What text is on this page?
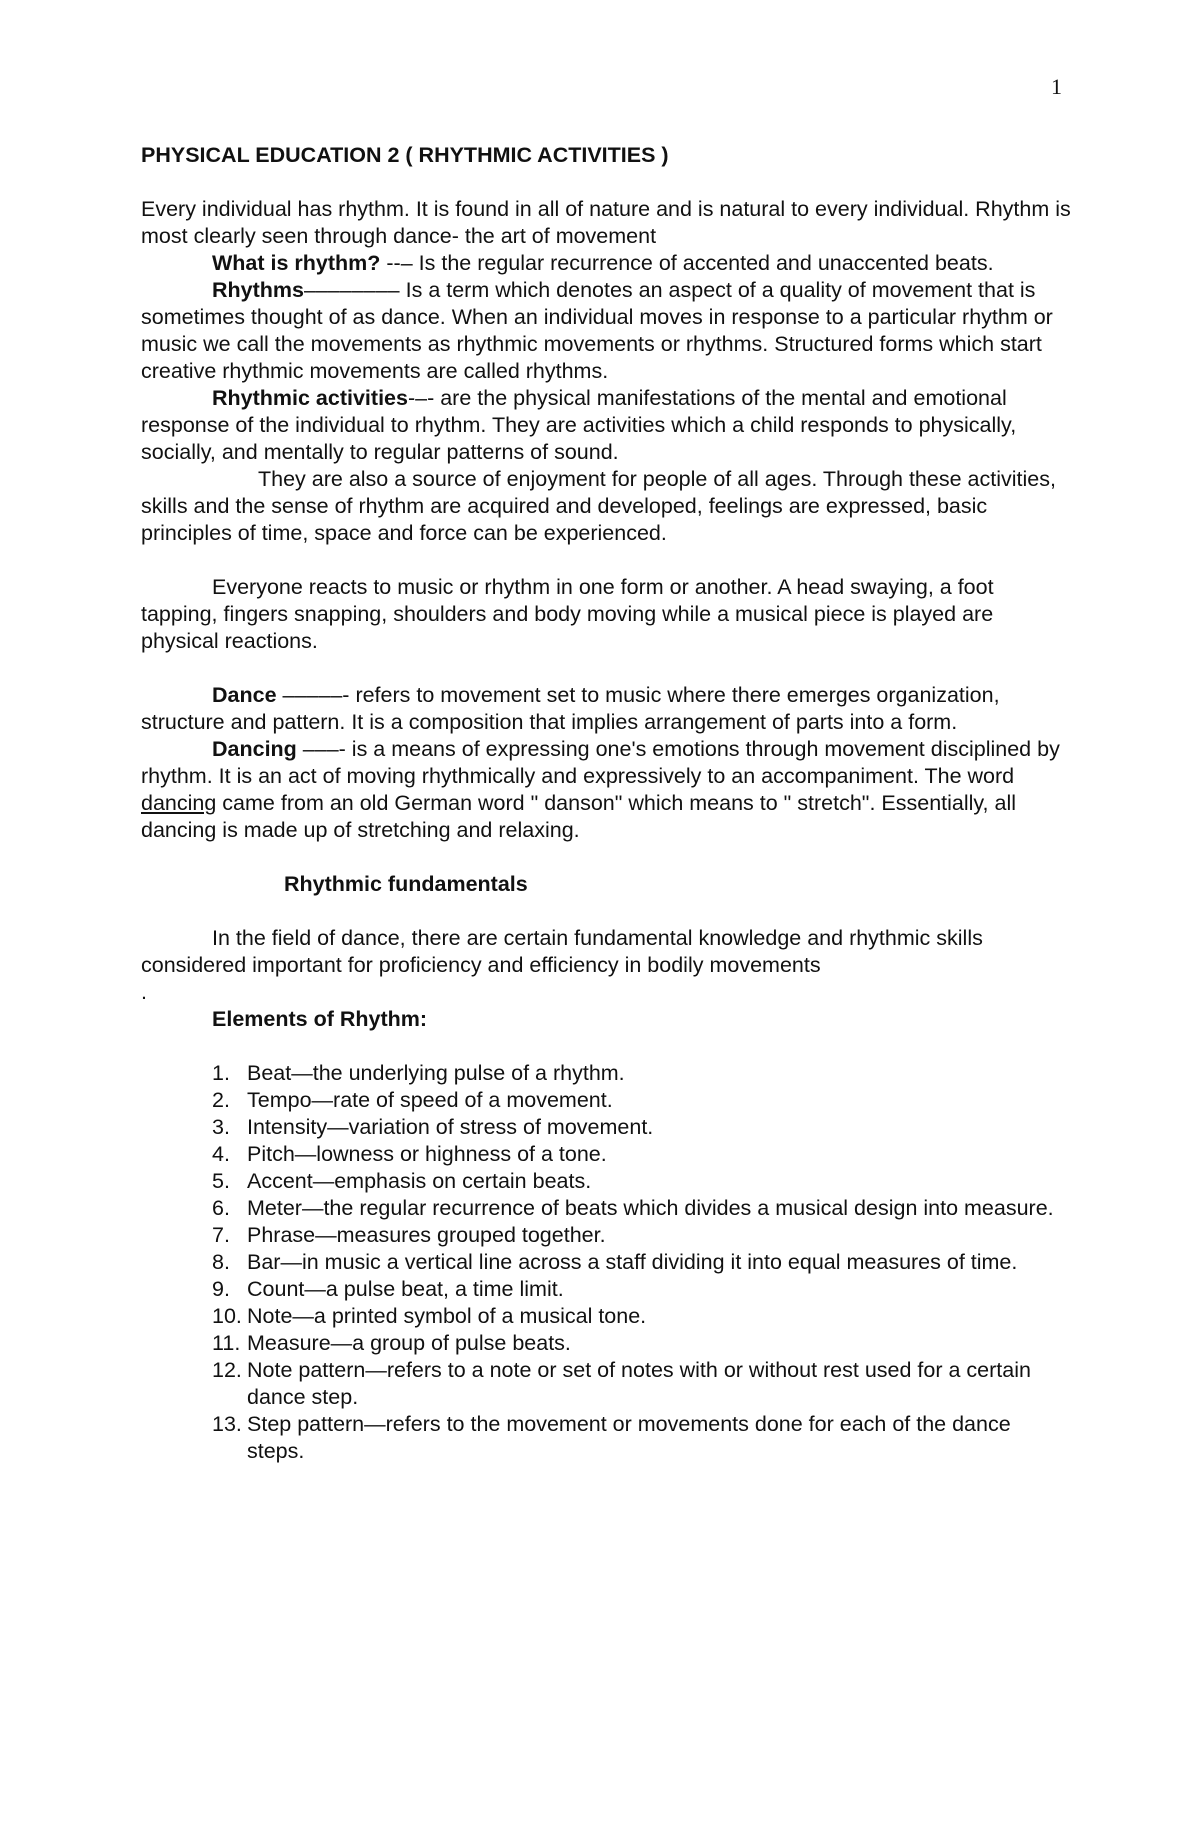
1

PHYSICAL EDUCATION 2 ( RHYTHMIC ACTIVITIES )

Every individual has rhythm. It is found in all of nature and is natural to every individual. Rhythm is most clearly seen through dance- the art of movement

What is rhythm? --– Is the regular recurrence of accented and unaccented beats.

Rhythms–––––––– Is a term which denotes an aspect of a quality of movement that is sometimes thought of as dance. When an individual moves in response to a particular rhythm or music we call the movements as rhythmic movements or rhythms. Structured forms which start creative rhythmic movements are called rhythms.

Rhythmic activities-–- are the physical manifestations of the mental and emotional response of the individual to rhythm. They are activities which a child responds to physically, socially, and mentally to regular patterns of sound.

They are also a source of enjoyment for people of all ages. Through these activities, skills and the sense of rhythm are acquired and developed, feelings are expressed, basic principles of time, space and force can be experienced.

Everyone reacts to music or rhythm in one form or another. A head swaying, a foot tapping, fingers snapping, shoulders and body moving while a musical piece is played are physical reactions.

Dance –––––- refers to movement set to music where there emerges organization, structure and pattern. It is a composition that implies arrangement of parts into a form.

Dancing –––- is a means of expressing one's emotions through movement disciplined by rhythm. It is an act of moving rhythmically and expressively to an accompaniment. The word dancing came from an old German word " danson" which means to " stretch". Essentially, all dancing is made up of stretching and relaxing.

Rhythmic fundamentals

In the field of dance, there are certain fundamental knowledge and rhythmic skills considered important for proficiency and efficiency in bodily movements

.

Elements of Rhythm:

1. Beat—the underlying pulse of a rhythm.
2. Tempo—rate of speed of a movement.
3. Intensity—variation of stress of movement.
4. Pitch—lowness or highness of a tone.
5. Accent—emphasis on certain beats.
6. Meter—the regular recurrence of beats which divides a musical design into measure.
7. Phrase—measures grouped together.
8. Bar—in music a vertical line across a staff dividing it into equal measures of time.
9. Count—a pulse beat, a time limit.
10. Note—a printed symbol of a musical tone.
11. Measure—a group of pulse beats.
12. Note pattern—refers to a note or set of notes with or without rest used for a certain dance step.
13. Step pattern—refers to the movement or movements done for each of the dance steps.
